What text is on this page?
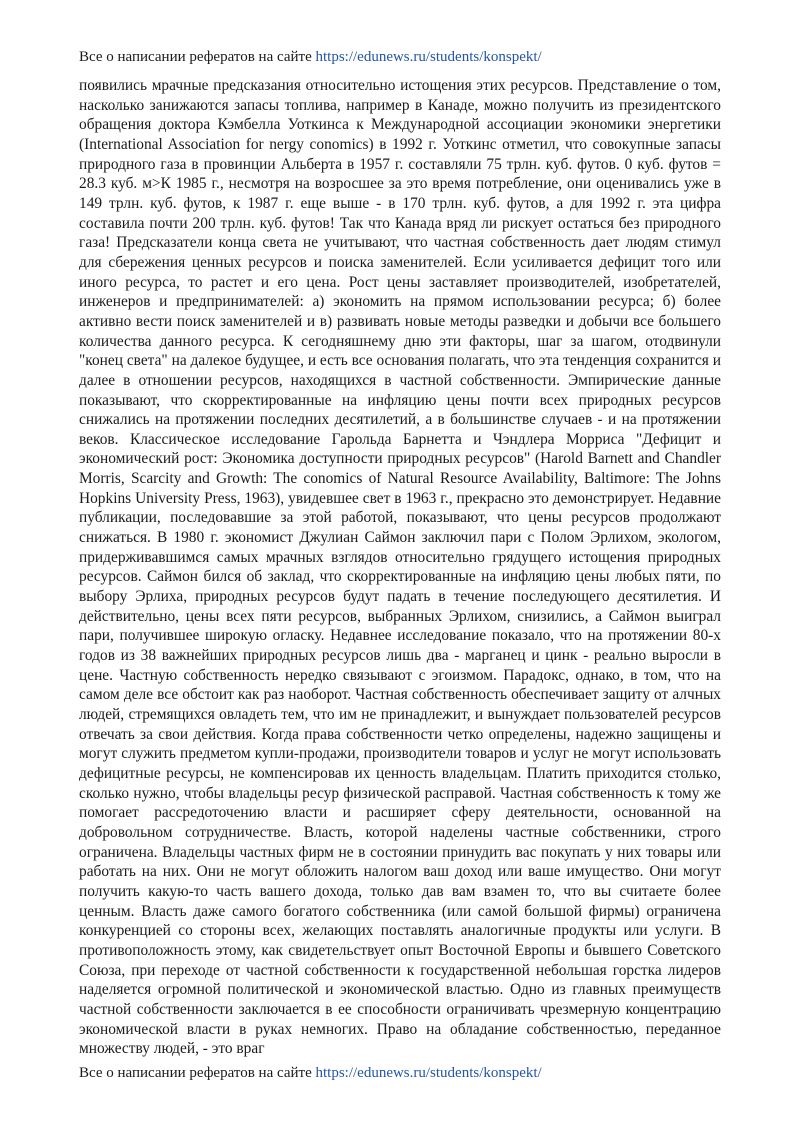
Все о написании рефератов на сайте https://edunews.ru/students/konspekt/

появились мрачные предсказания относительно истощения этих ресурсов. Представление о том, насколько занижаются запасы топлива, например в Канаде, можно получить из президентского обращения доктора Кэмбелла Уоткинса к Международной ассоциации экономики энергетики (International Association for nergy conomics) в 1992 г. Уоткинс отметил, что совокупные запасы природного газа в провинции Альберта в 1957 г. составляли 75 трлн. куб. футов. 0 куб. футов = 28.3 куб. м>К 1985 г., несмотря на возросшее за это время потребление, они оценивались уже в 149 трлн. куб. футов, к 1987 г. еще выше - в 170 трлн. куб. футов, а для 1992 г. эта цифра составила почти 200 трлн. куб. футов! Так что Канада вряд ли рискует остаться без природного газа! Предсказатели конца света не учитывают, что частная собственность дает людям стимул для сбережения ценных ресурсов и поиска заменителей. Если усиливается дефицит того или иного ресурса, то растет и его цена. Рост цены заставляет производителей, изобретателей, инженеров и предпринимателей: а) экономить на прямом использовании ресурса; б) более активно вести поиск заменителей и в) развивать новые методы разведки и добычи все большего количества данного ресурса. К сегодняшнему дню эти факторы, шаг за шагом, отодвинули "конец света" на далекое будущее, и есть все основания полагать, что эта тенденция сохранится и далее в отношении ресурсов, находящихся в частной собственности. Эмпирические данные показывают, что скорректированные на инфляцию цены почти всех природных ресурсов снижались на протяжении последних десятилетий, а в большинстве случаев - и на протяжении веков. Классическое исследование Гарольда Барнетта и Чэндлера Морриса "Дефицит и экономический рост: Экономика доступности природных ресурсов" (Harold Barnett and Chandler Morris, Scarcity and Growth: The conomics of Natural Resource Availability, Baltimore: The Johns Hopkins University Press, 1963), увидевшее свет в 1963 г., прекрасно это демонстрирует. Недавние публикации, последовавшие за этой работой, показывают, что цены ресурсов продолжают снижаться. В 1980 г. экономист Джулиан Саймон заключил пари с Полом Эрлихом, экологом, придерживавшимся самых мрачных взглядов относительно грядущего истощения природных ресурсов. Саймон бился об заклад, что скорректированные на инфляцию цены любых пяти, по выбору Эрлиха, природных ресурсов будут падать в течение последующего десятилетия. И действительно, цены всех пяти ресурсов, выбранных Эрлихом, снизились, а Саймон выиграл пари, получившее широкую огласку. Недавнее исследование показало, что на протяжении 80-х годов из 38 важнейших природных ресурсов лишь два - марганец и цинк - реально выросли в цене. Частную собственность нередко связывают с эгоизмом. Парадокс, однако, в том, что на самом деле все обстоит как раз наоборот. Частная собственность обеспечивает защиту от алчных людей, стремящихся овладеть тем, что им не принадлежит, и вынуждает пользователей ресурсов отвечать за свои действия. Когда права собственности четко определены, надежно защищены и могут служить предметом купли-продажи, производители товаров и услуг не могут использовать дефицитные ресурсы, не компенсировав их ценность владельцам. Платить приходится столько, сколько нужно, чтобы владельцы ресур физической расправой. Частная собственность к тому же помогает рассредоточению власти и расширяет сферу деятельности, основанной на добровольном сотрудничестве. Власть, которой наделены частные собственники, строго ограничена. Владельцы частных фирм не в состоянии принудить вас покупать у них товары или работать на них. Они не могут обложить налогом ваш доход или ваше имущество. Они могут получить какую-то часть вашего дохода, только дав вам взамен то, что вы считаете более ценным. Власть даже самого богатого собственника (или самой большой фирмы) ограничена конкуренцией со стороны всех, желающих поставлять аналогичные продукты или услуги. В противоположность этому, как свидетельствует опыт Восточной Европы и бывшего Советского Союза, при переходе от частной собственности к государственной небольшая горстка лидеров наделяется огромной политической и экономической властью. Одно из главных преимуществ частной собственности заключается в ее способности ограничивать чрезмерную концентрацию экономической власти в руках немногих. Право на обладание собственностью, переданное множеству людей, - это враг

Все о написании рефератов на сайте https://edunews.ru/students/konspekt/
